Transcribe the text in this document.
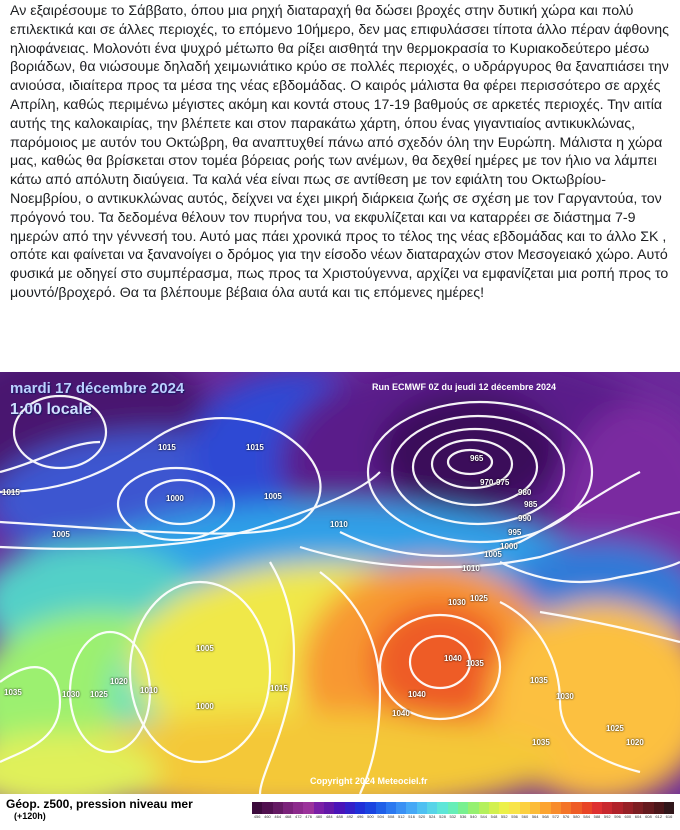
Αν εξαιρέσουμε το Σάββατο, όπου μια ρηχή διαταραχή θα δώσει βροχές στην δυτική χώρα και πολύ επιλεκτικά και σε άλλες περιοχές, το επόμενο 10ήμερο, δεν μας επιφυλάσσει τίποτα άλλο πέραν άφθονης ηλιοφάνειας. Μολονότι ένα ψυχρό μέτωπο θα ρίξει αισθητά την θερμοκρασία το Κυριακοδεύτερο μέσω βοριάδων, θα νιώσουμε δηλαδή χειμωνιάτικο κρύο σε πολλές περιοχές, ο υδράργυρος θα ξαναπιάσει την ανιούσα, ιδιαίτερα προς τα μέσα της νέας εβδομάδας. Ο καιρός μάλιστα θα φέρει περισσότερο σε αρχές Απρίλη, καθώς περιμένω μέγιστες ακόμη και κοντά στους 17-19 βαθμούς σε αρκετές περιοχές. Την αιτία αυτής της καλοκαιρίας, την βλέπετε και στον παρακάτω χάρτη, όπου ένας γιγαντιαίος αντικυκλώνας, παρόμοιος με αυτόν του Οκτώβρη, θα αναπτυχθεί πάνω από σχεδόν όλη την Ευρώπη. Μάλιστα η χώρα μας, καθώς θα βρίσκεται στον τομέα βόρειας ροής των ανέμων, θα δεχθεί ημέρες με τον ήλιο να λάμπει κάτω από απόλυτη διαύγεια. Τα καλά νέα είναι πως σε αντίθεση με τον εφιάλτη του Οκτωβρίου-Νοεμβρίου, ο αντικυκλώνας αυτός, δείχνει να έχει μικρή διάρκεια ζωής σε σχέση με τον Γαργαντούα, τον πρόγονό του. Τα δεδομένα θέλουν τον πυρήνα του, να εκφυλίζεται και να καταρρέει σε διάστημα 7-9 ημερών από την γέννεσή του. Αυτό μας πάει χρονικά προς το τέλος της νέας εβδομάδας και το άλλο ΣΚ , οπότε και φαίνεται να ξανανοίγει ο δρόμος για την είσοδο νέων διαταραχών στον Μεσογειακό χώρο. Αυτό φυσικά με οδηγεί στο συμπέρασμα, πως προς τα Χριστούγεννα, αρχίζει να εμφανίζεται μια ροπή προς το μουντό/βροχερό. Θα τα βλέπουμε βέβαια όλα αυτά και τις επόμενες ημέρες!

mardi 17 décembre 2024
1:00 locale
Run ECMWF 0Z du jeudi 12 décembre 2024
Copyright 2024 Meteociel.fr
1015	1015
1015
1000
1005
1005
1010
965
970 975
980
985
990
995
1000
1005
1010
1025
1030
1005
1020
1010
1035	1030 1025
1000
1015
1040
1040
1035
1040
1035
1030
1025
1020
1035
Géop. z500, pression niveau mer
(+120h)	456 460 464 468 472 476 480 484 488 492 496 500 504 508 512 516 520 524 528 532 536 540 544 548 552 556 560 564 568 572 576 580 584 588 592 596 600 604 608 612 616
